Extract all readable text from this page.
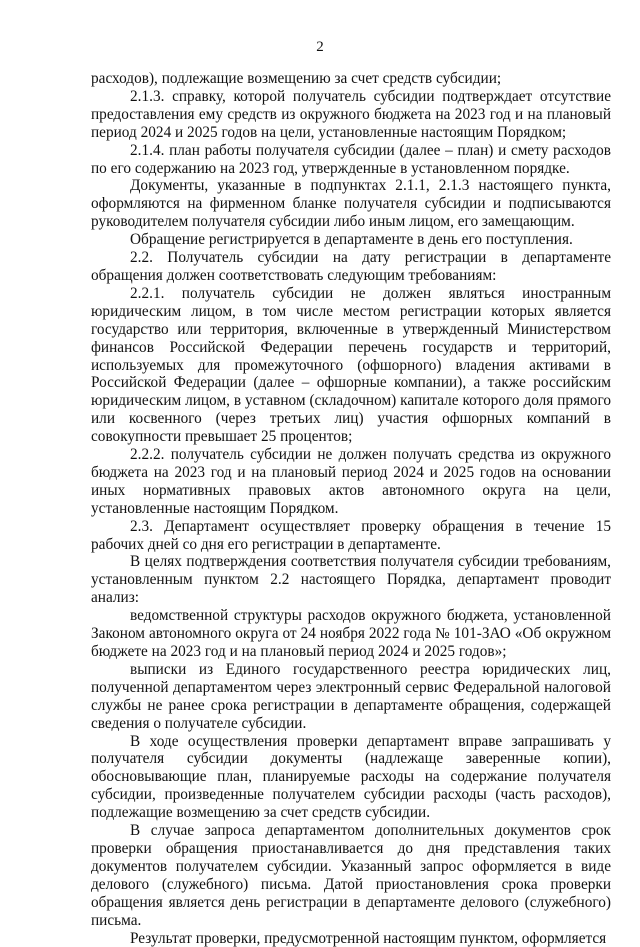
2

расходов), подлежащие возмещению за счет средств субсидии;

2.1.3. справку, которой получатель субсидии подтверждает отсутствие предоставления ему средств из окружного бюджета на 2023 год и на плановый период 2024 и 2025 годов на цели, установленные настоящим Порядком;

2.1.4. план работы получателя субсидии (далее – план) и смету расходов по его содержанию на 2023 год, утвержденные в установленном порядке.

Документы, указанные в подпунктах 2.1.1, 2.1.3 настоящего пункта, оформляются на фирменном бланке получателя субсидии и подписываются руководителем получателя субсидии либо иным лицом, его замещающим.

Обращение регистрируется в департаменте в день его поступления.

2.2. Получатель субсидии на дату регистрации в департаменте обращения должен соответствовать следующим требованиям:

2.2.1. получатель субсидии не должен являться иностранным юридическим лицом, в том числе местом регистрации которых является государство или территория, включенные в утвержденный Министерством финансов Российской Федерации перечень государств и территорий, используемых для промежуточного (офшорного) владения активами в Российской Федерации (далее – офшорные компании), а также российским юридическим лицом, в уставном (складочном) капитале которого доля прямого или косвенного (через третьих лиц) участия офшорных компаний в совокупности превышает 25 процентов;

2.2.2. получатель субсидии не должен получать средства из окружного бюджета на 2023 год и на плановый период 2024 и 2025 годов на основании иных нормативных правовых актов автономного округа на цели, установленные настоящим Порядком.

2.3. Департамент осуществляет проверку обращения в течение 15 рабочих дней со дня его регистрации в департаменте.

В целях подтверждения соответствия получателя субсидии требованиям, установленным пунктом 2.2 настоящего Порядка, департамент проводит анализ:

ведомственной структуры расходов окружного бюджета, установленной Законом автономного округа от 24 ноября 2022 года № 101-ЗАО «Об окружном бюджете на 2023 год и на плановый период 2024 и 2025 годов»;

выписки из Единого государственного реестра юридических лиц, полученной департаментом через электронный сервис Федеральной налоговой службы не ранее срока регистрации в департаменте обращения, содержащей сведения о получателе субсидии.

В ходе осуществления проверки департамент вправе запрашивать у получателя субсидии документы (надлежаще заверенные копии), обосновывающие план, планируемые расходы на содержание получателя субсидии, произведенные получателем субсидии расходы (часть расходов), подлежащие возмещению за счет средств субсидии.

В случае запроса департаментом дополнительных документов срок проверки обращения приостанавливается до дня представления таких документов получателем субсидии. Указанный запрос оформляется в виде делового (служебного) письма. Датой приостановления срока проверки обращения является день регистрации в департаменте делового (служебного) письма.

Результат проверки, предусмотренной настоящим пунктом, оформляется
